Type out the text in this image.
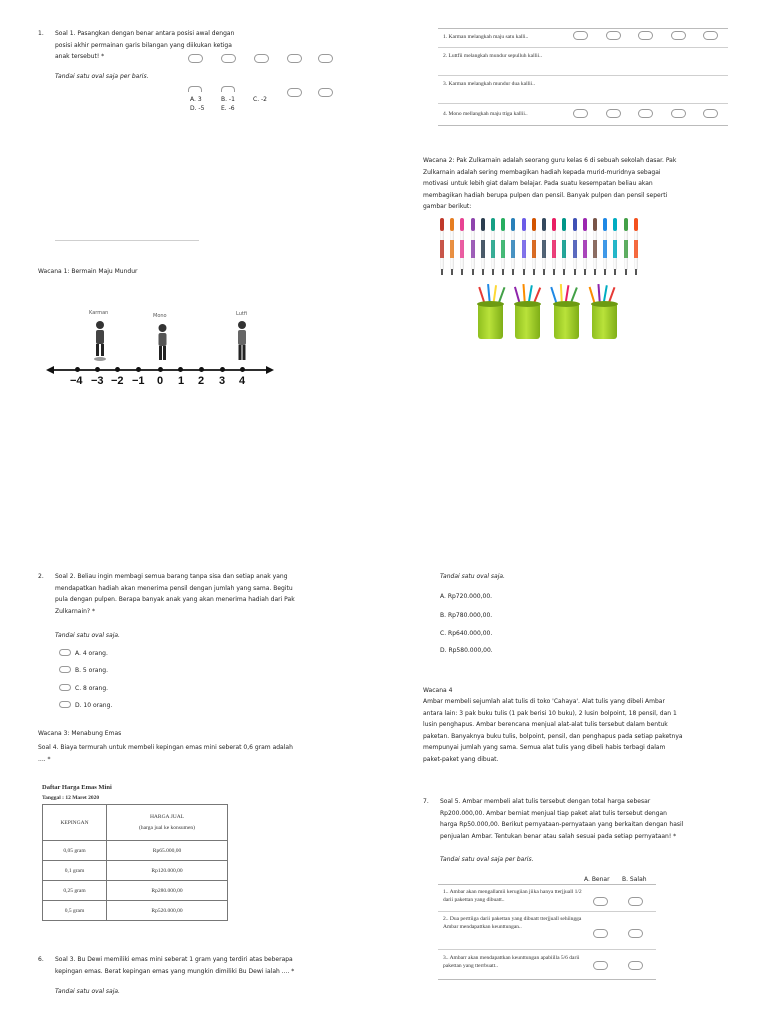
1. Soal 1. Pasangkan dengan benar antara posisi awal dengan
posisi akhir permainan garis bilangan yang diikukan ketiga
anak tersebut! *
Tandai satu oval saja per baris.
A. 3	B. -1	C. -2
D. -5	E. -6
Wacana 1: Bermain Maju Mundur
Karman	Mono	Lutfi
−4 −3 −2 −1 0 1 2 3 4
1. Karman melangkah maju satu kalli..
2. Luttfii melangkah mundur sepulluh kallii..
3. Karman melangkah mundur dua kallii..
4. Mono mellangkah maju ttiga kallii..
Wacana 2: Pak Zulkarnain adalah seorang guru kelas 6 di sebuah sekolah dasar. Pak
Zulkarnain adalah sering membagikan hadiah kepada murid-muridnya sebagai
motivasi untuk lebih giat dalam belajar. Pada suatu kesempatan beliau akan
membagikan hadiah berupa pulpen dan pensil. Banyak pulpen dan pensil seperti
gambar berikut:
2. Soal 2. Beliau ingin membagi semua barang tanpa sisa dan setiap anak yang
mendapatkan hadiah akan menerima pensil dengan jumlah yang sama. Begitu
pula dengan pulpen. Berapa banyak anak yang akan menerima hadiah dari Pak
Zulkarnain? *
Tandai satu oval saja.
A. 4 orang.
B. 5 orang.
C. 8 orang.
D. 10 orang.
Wacana 3: Menabung Emas
Soal 4. Biaya termurah untuk membeli kepingan emas mini seberat 0,6 gram adalah
.... *
Daftar Harga Emas Mini
Tanggal : 12 Maret 2020
KEPINGAN	HARGA JUAL
(harga jual ke konsumen)

0,05 gram	Rp65.000,00
0,1 gram	Rp120.000,00
0,25 gram	Rp280.000,00
0,5 gram	Rp520.000,00
6. Soal 3. Bu Dewi memiliki emas mini seberat 1 gram yang terdiri atas beberapa
kepingan emas. Berat kepingan emas yang mungkin dimiliki Bu Dewi ialah .... *
Tandai satu oval saja.
Tandai satu oval saja.
A. Rp720.000,00.
B. Rp780.000,00.
C. Rp640.000,00.
D. Rp580.000,00.
Wacana 4
Ambar membeli sejumlah alat tulis di toko 'Cahaya'. Alat tulis yang dibeli Ambar
antara lain: 3 pak buku tulis (1 pak berisi 10 buku), 2 lusin bolpoint, 18 pensil, dan 1
lusin penghapus. Ambar berencana menjual alat-alat tulis tersebut dalam bentuk
paketan. Banyaknya buku tulis, bolpoint, pensil, dan penghapus pada setiap paketnya
mempunyai jumlah yang sama. Semua alat tulis yang dibeli habis terbagi dalam
paket-paket yang dibuat.
7. Soal 5. Ambar membeli alat tulis tersebut dengan total harga sebesar
Rp200.000,00. Ambar berniat menjual tiap paket alat tulis tersebut dengan
harga Rp50.000,00. Berikut pernyataan-pernyataan yang berkaitan dengan hasil
penjualan Ambar. Tentukan benar atau salah sesuai pada setiap pernyataan! *
Tandai satu oval saja per baris.
A. Benar B. Salah
1.. Ambar akan mengallamii kerugiian jiika hanya tterjjuall 1/2 darii pakettan yang dibuatt..
2.. Dua perttiiga darii pakettan yang dibuatt tterjjuall sehiingga Ambar mendapattkan keunttungan..
3.. Ambarr akan mendapattkan keunttungan apabiilla 5/6 darii pakettan yang tterrbuatt..
